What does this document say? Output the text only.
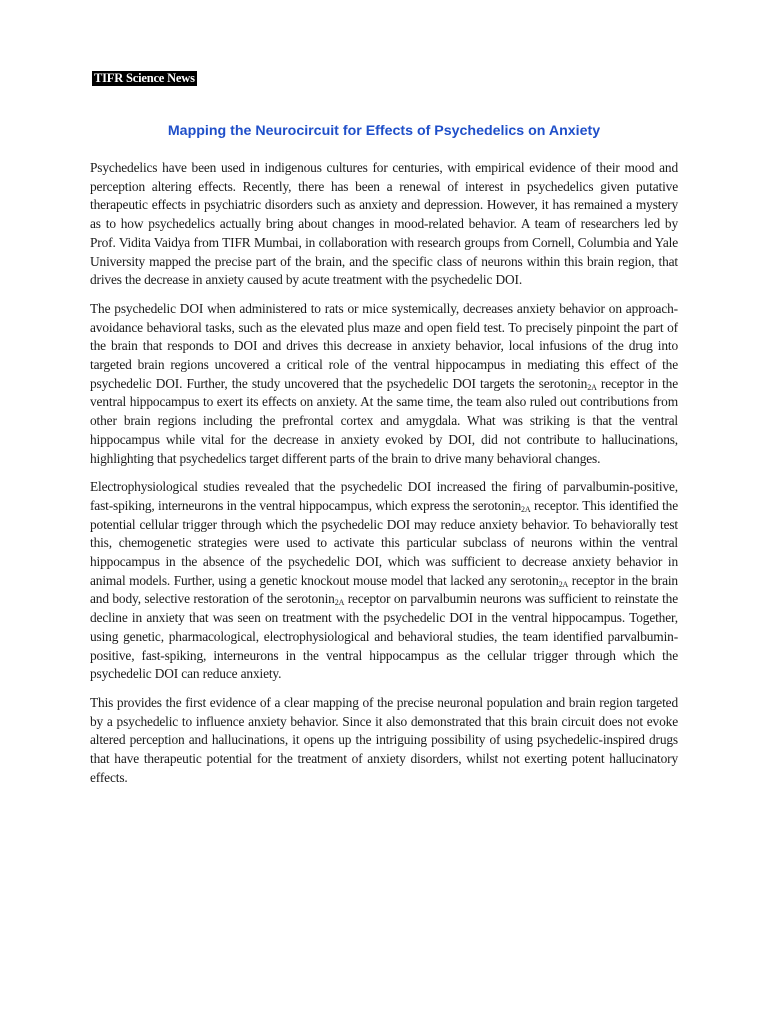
TIFR Science News
Mapping the Neurocircuit for Effects of Psychedelics on Anxiety

Psychedelics have been used in indigenous cultures for centuries, with empirical evidence of their mood and perception altering effects. Recently, there has been a renewal of interest in psychedelics given putative therapeutic effects in psychiatric disorders such as anxiety and depression. However, it has remained a mystery as to how psychedelics actually bring about changes in mood-related behavior. A team of researchers led by Prof. Vidita Vaidya from TIFR Mumbai, in collaboration with research groups from Cornell, Columbia and Yale University mapped the precise part of the brain, and the specific class of neurons within this brain region, that drives the decrease in anxiety caused by acute treatment with the psychedelic DOI.

The psychedelic DOI when administered to rats or mice systemically, decreases anxiety behavior on approach-avoidance behavioral tasks, such as the elevated plus maze and open field test. To precisely pinpoint the part of the brain that responds to DOI and drives this decrease in anxiety behavior, local infusions of the drug into targeted brain regions uncovered a critical role of the ventral hippocampus in mediating this effect of the psychedelic DOI. Further, the study uncovered that the psychedelic DOI targets the serotonin$_{2A}$ receptor in the ventral hippocampus to exert its effects on anxiety. At the same time, the team also ruled out contributions from other brain regions including the prefrontal cortex and amygdala. What was striking is that the ventral hippocampus while vital for the decrease in anxiety evoked by DOI, did not contribute to hallucinations, highlighting that psychedelics target different parts of the brain to drive many behavioral changes.

Electrophysiological studies revealed that the psychedelic DOI increased the firing of parvalbumin-positive, fast-spiking, interneurons in the ventral hippocampus, which express the serotonin$_{2A}$ receptor. This identified the potential cellular trigger through which the psychedelic DOI may reduce anxiety behavior. To behaviorally test this, chemogenetic strategies were used to activate this particular subclass of neurons within the ventral hippocampus in the absence of the psychedelic DOI, which was sufficient to decrease anxiety behavior in animal models. Further, using a genetic knockout mouse model that lacked any serotonin$_{2A}$ receptor in the brain and body, selective restoration of the serotonin$_{2A}$ receptor on parvalbumin neurons was sufficient to reinstate the decline in anxiety that was seen on treatment with the psychedelic DOI in the ventral hippocampus. Together, using genetic, pharmacological, electrophysiological and behavioral studies, the team identified parvalbumin-positive, fast-spiking, interneurons in the ventral hippocampus as the cellular trigger through which the psychedelic DOI can reduce anxiety.

This provides the first evidence of a clear mapping of the precise neuronal population and brain region targeted by a psychedelic to influence anxiety behavior. Since it also demonstrated that this brain circuit does not evoke altered perception and hallucinations, it opens up the intriguing possibility of using psychedelic-inspired drugs that have therapeutic potential for the treatment of anxiety disorders, whilst not exerting potent hallucinatory effects.
